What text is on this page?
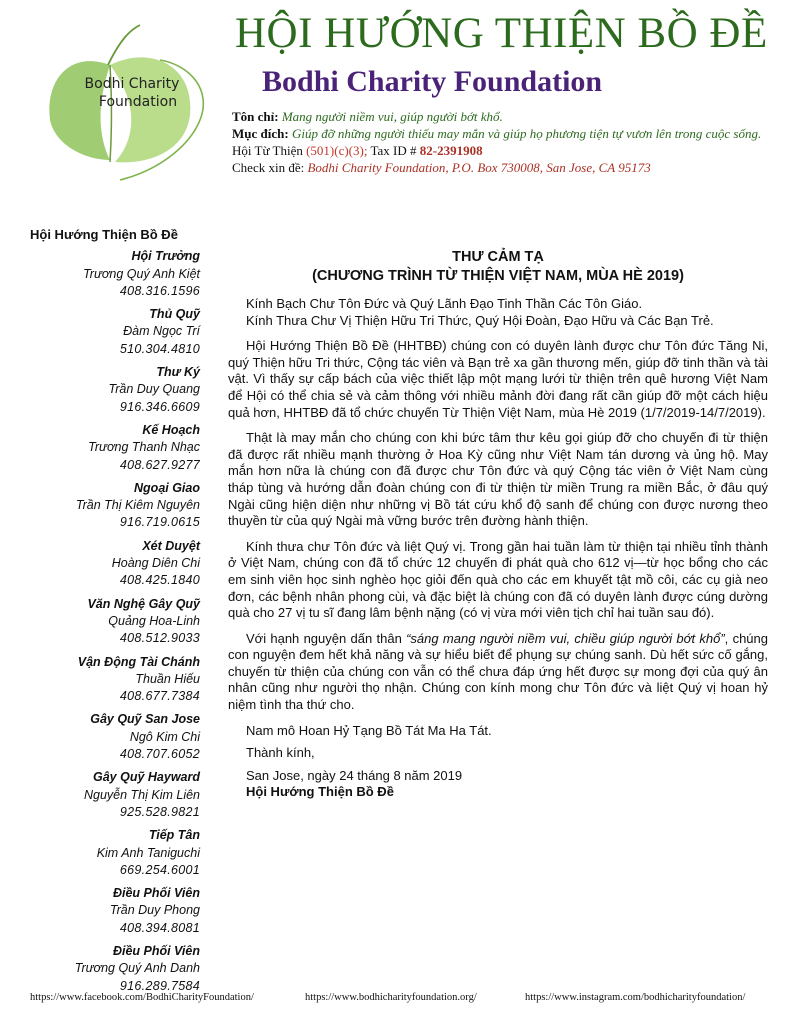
Bodhi Charity
Foundation
HỘI HƯỚNG THIỆN BỒ ĐỀ
Bodhi Charity Foundation
Tôn chỉ: Mang người niềm vui, giúp người bớt khổ.
Mục đích: Giúp đỡ những người thiếu may mắn và giúp họ phương tiện tự vươn lên trong cuộc sống.
Hội Từ Thiện (501)(c)(3); Tax ID # 82-2391908
Check xin đề: Bodhi Charity Foundation, P.O. Box 730008, San Jose, CA 95173
Hội Hướng Thiện Bồ Đề
Hội Trưởng
Trương Quý Anh Kiệt
408.316.1596
Thủ Quỹ
Đàm Ngọc Trí
510.304.4810
Thư Ký
Trần Duy Quang
916.346.6609
Kế Hoạch
Trương Thanh Nhạc
408.627.9277
Ngoại Giao
Trần Thị Kiêm Nguyên
916.719.0615
Xét Duyệt
Hoàng Diên Chi
408.425.1840
Văn Nghệ Gây Quỹ
Quảng Hoa-Linh
408.512.9033
Vận Động Tài Chánh
Thuần Hiếu
408.677.7384
Gây Quỹ San Jose
Ngô Kim Chi
408.707.6052
Gây Quỹ Hayward
Nguyễn Thị Kim Liên
925.528.9821
Tiếp Tân
Kim Anh Taniguchi
669.254.6001
Điều Phối Viên
Trần Duy Phong
408.394.8081
Điều Phối Viên
Trương Quý Anh Danh
916.289.7584
THƯ CẢM TẠ
(CHƯƠNG TRÌNH TỪ THIỆN VIỆT NAM, MÙA HÈ 2019)

Kính Bạch Chư Tôn Đức và Quý Lãnh Đạo Tinh Thần Các Tôn Giáo.

Kính Thưa Chư Vị Thiện Hữu Tri Thức, Quý Hội Đoàn, Đạo Hữu và Các Bạn Trẻ.

Hội Hướng Thiện Bồ Đề (HHTBĐ) chúng con có duyên lành được chư Tôn đức Tăng Ni, quý Thiện hữu Tri thức, Cộng tác viên và Bạn trẻ xa gần thương mến, giúp đỡ tinh thần và tài vật. Vì thấy sự cấp bách của việc thiết lập một mạng lưới từ thiện trên quê hương Việt Nam để Hội có thể chia sẻ và cảm thông với nhiều mảnh đời đang rất cần giúp đỡ một cách hiệu quả hơn, HHTBĐ đã tổ chức chuyến Từ Thiện Việt Nam, mùa Hè 2019 (1/7/2019-14/7/2019).

Thật là may mắn cho chúng con khi bức tâm thư kêu gọi giúp đỡ cho chuyến đi từ thiện đã được rất nhiều mạnh thường ở Hoa Kỳ cũng như Việt Nam tán dương và ủng hộ. May mắn hơn nữa là chúng con đã được chư Tôn đức và quý Cộng tác viên ở Việt Nam cùng tháp tùng và hướng dẫn đoàn chúng con đi từ thiện từ miền Trung ra miền Bắc, ở đâu quý Ngài cũng hiện diện như những vị Bồ tát cứu khổ độ sanh để chúng con được nương theo thuyền từ của quý Ngài mà vững bước trên đường hành thiện.

Kính thưa chư Tôn đức và liệt Quý vị. Trong gần hai tuần làm từ thiện tại nhiều tỉnh thành ở Việt Nam, chúng con đã tổ chức 12 chuyến đi phát quà cho 612 vị—từ học bổng cho các em sinh viên học sinh nghèo học giỏi đến quà cho các em khuyết tật mồ côi, các cụ già neo đơn, các bệnh nhân phong cùi, và đặc biệt là chúng con đã có duyên lành được cúng dường quà cho 27 vị tu sĩ đang lâm bệnh nặng (có vị vừa mới viên tịch chỉ hai tuần sau đó).

Với hạnh nguyện dấn thân “sáng mang người niềm vui, chiều giúp người bớt khổ”, chúng con nguyện đem hết khả năng và sự hiểu biết để phụng sự chúng sanh. Dù hết sức cố gắng, chuyến từ thiện của chúng con vẫn có thể chưa đáp ứng hết được sự mong đợi của quý ân nhân cũng như người thọ nhận. Chúng con kính mong chư Tôn đức và liệt Quý vị hoan hỷ niệm tình tha thứ cho.

Nam mô Hoan Hỷ Tạng Bồ Tát Ma Ha Tát.

Thành kính,

San Jose, ngày 24 tháng 8 năm 2019

Hội Hướng Thiện Bồ Đề

https://www.facebook.com/BodhiCharityFoundation/	https://www.bodhicharityfoundation.org/	https://www.instagram.com/bodhicharityfoundation/
